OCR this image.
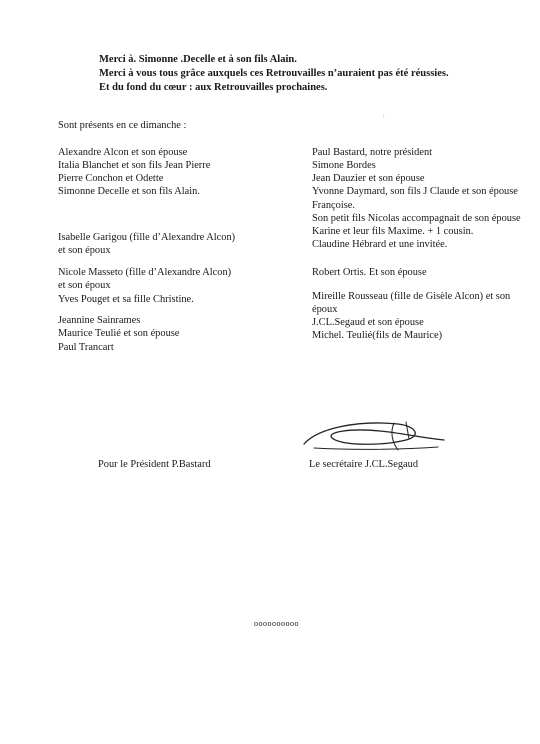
Merci à. Simonne .Decelle et à son fils Alain.
Merci à vous tous grâce auxquels ces Retrouvailles n’auraient pas été réussies.
Et du fond du cœur : aux Retrouvailles prochaines.
:
Sont présents en ce dimanche :
Alexandre Alcon et son épouse
Italia Blanchet et son fils Jean Pierre
Pierre Conchon et Odette
Simonne Decelle et son fils Alain.
Isabelle Garigou (fille d’Alexandre Alcon)
et son époux
Nicole Masseto (fille d’Alexandre Alcon)
et son époux
Yves Pouget et sa fille Christine.
Jeannine Sainrames
Maurice Teulié et son épouse
Paul Trancart
Paul Bastard, notre président
Simone Bordes
Jean Dauzier et son épouse
Yvonne Daymard, son fils J Claude et son épouse
Françoise.
Son petit fils Nicolas accompagnait de son épouse
Karine et leur fils Maxime. + 1 cousin.
Claudine Hébrard et une invitée.
Robert Ortis. Et son épouse
Mireille Rousseau (fille de Gisèle Alcon) et son
époux
J.CL.Segaud et son épouse
Michel. Teulié(fils de Maurice)
Pour le Président P.Bastard	Le secrétaire J.CL.Segaud
oooooooooo
